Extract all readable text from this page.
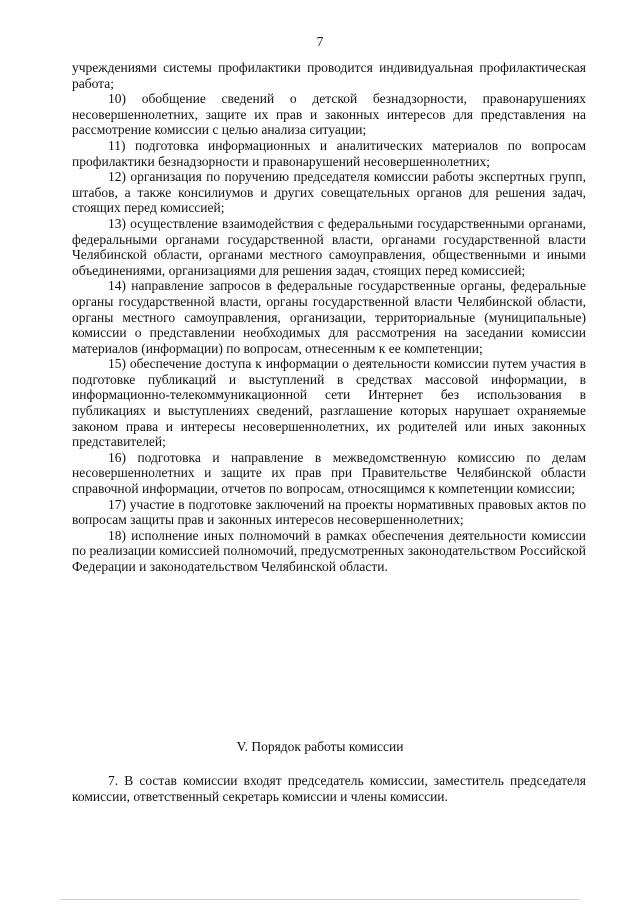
7

учреждениями системы профилактики проводится индивидуальная профилактическая работа;

10) обобщение сведений о детской безнадзорности, правонарушениях несовершеннолетних, защите их прав и законных интересов для представления на рассмотрение комиссии с целью анализа ситуации;

11) подготовка информационных и аналитических материалов по вопросам профилактики безнадзорности и правонарушений несовершеннолетних;

12) организация по поручению председателя комиссии работы экспертных групп, штабов, а также консилиумов и других совещательных органов для решения задач, стоящих перед комиссией;

13) осуществление взаимодействия с федеральными государственными органами, федеральными органами государственной власти, органами государственной власти Челябинской области, органами местного самоуправления, общественными и иными объединениями, организациями для решения задач, стоящих перед комиссией;

14) направление запросов в федеральные государственные органы, федеральные органы государственной власти, органы государственной власти Челябинской области, органы местного самоуправления, организации, территориальные (муниципальные) комиссии о представлении необходимых для рассмотрения на заседании комиссии материалов (информации) по вопросам, отнесенным к ее компетенции;

15) обеспечение доступа к информации о деятельности комиссии путем участия в подготовке публикаций и выступлений в средствах массовой информации, в информационно-телекоммуникационной сети Интернет без использования в публикациях и выступлениях сведений, разглашение которых нарушает охраняемые законом права и интересы несовершеннолетних, их родителей или иных законных представителей;

16) подготовка и направление в межведомственную комиссию по делам несовершеннолетних и защите их прав при Правительстве Челябинской области справочной информации, отчетов по вопросам, относящимся к компетенции комиссии;

17) участие в подготовке заключений на проекты нормативных правовых актов по вопросам защиты прав и законных интересов несовершеннолетних;

18) исполнение иных полномочий в рамках обеспечения деятельности комиссии по реализации комиссией полномочий, предусмотренных законодательством Российской Федерации и законодательством Челябинской области.

V. Порядок работы комиссии

7. В состав комиссии входят председатель комиссии, заместитель председателя комиссии, ответственный секретарь комиссии и члены комиссии.
